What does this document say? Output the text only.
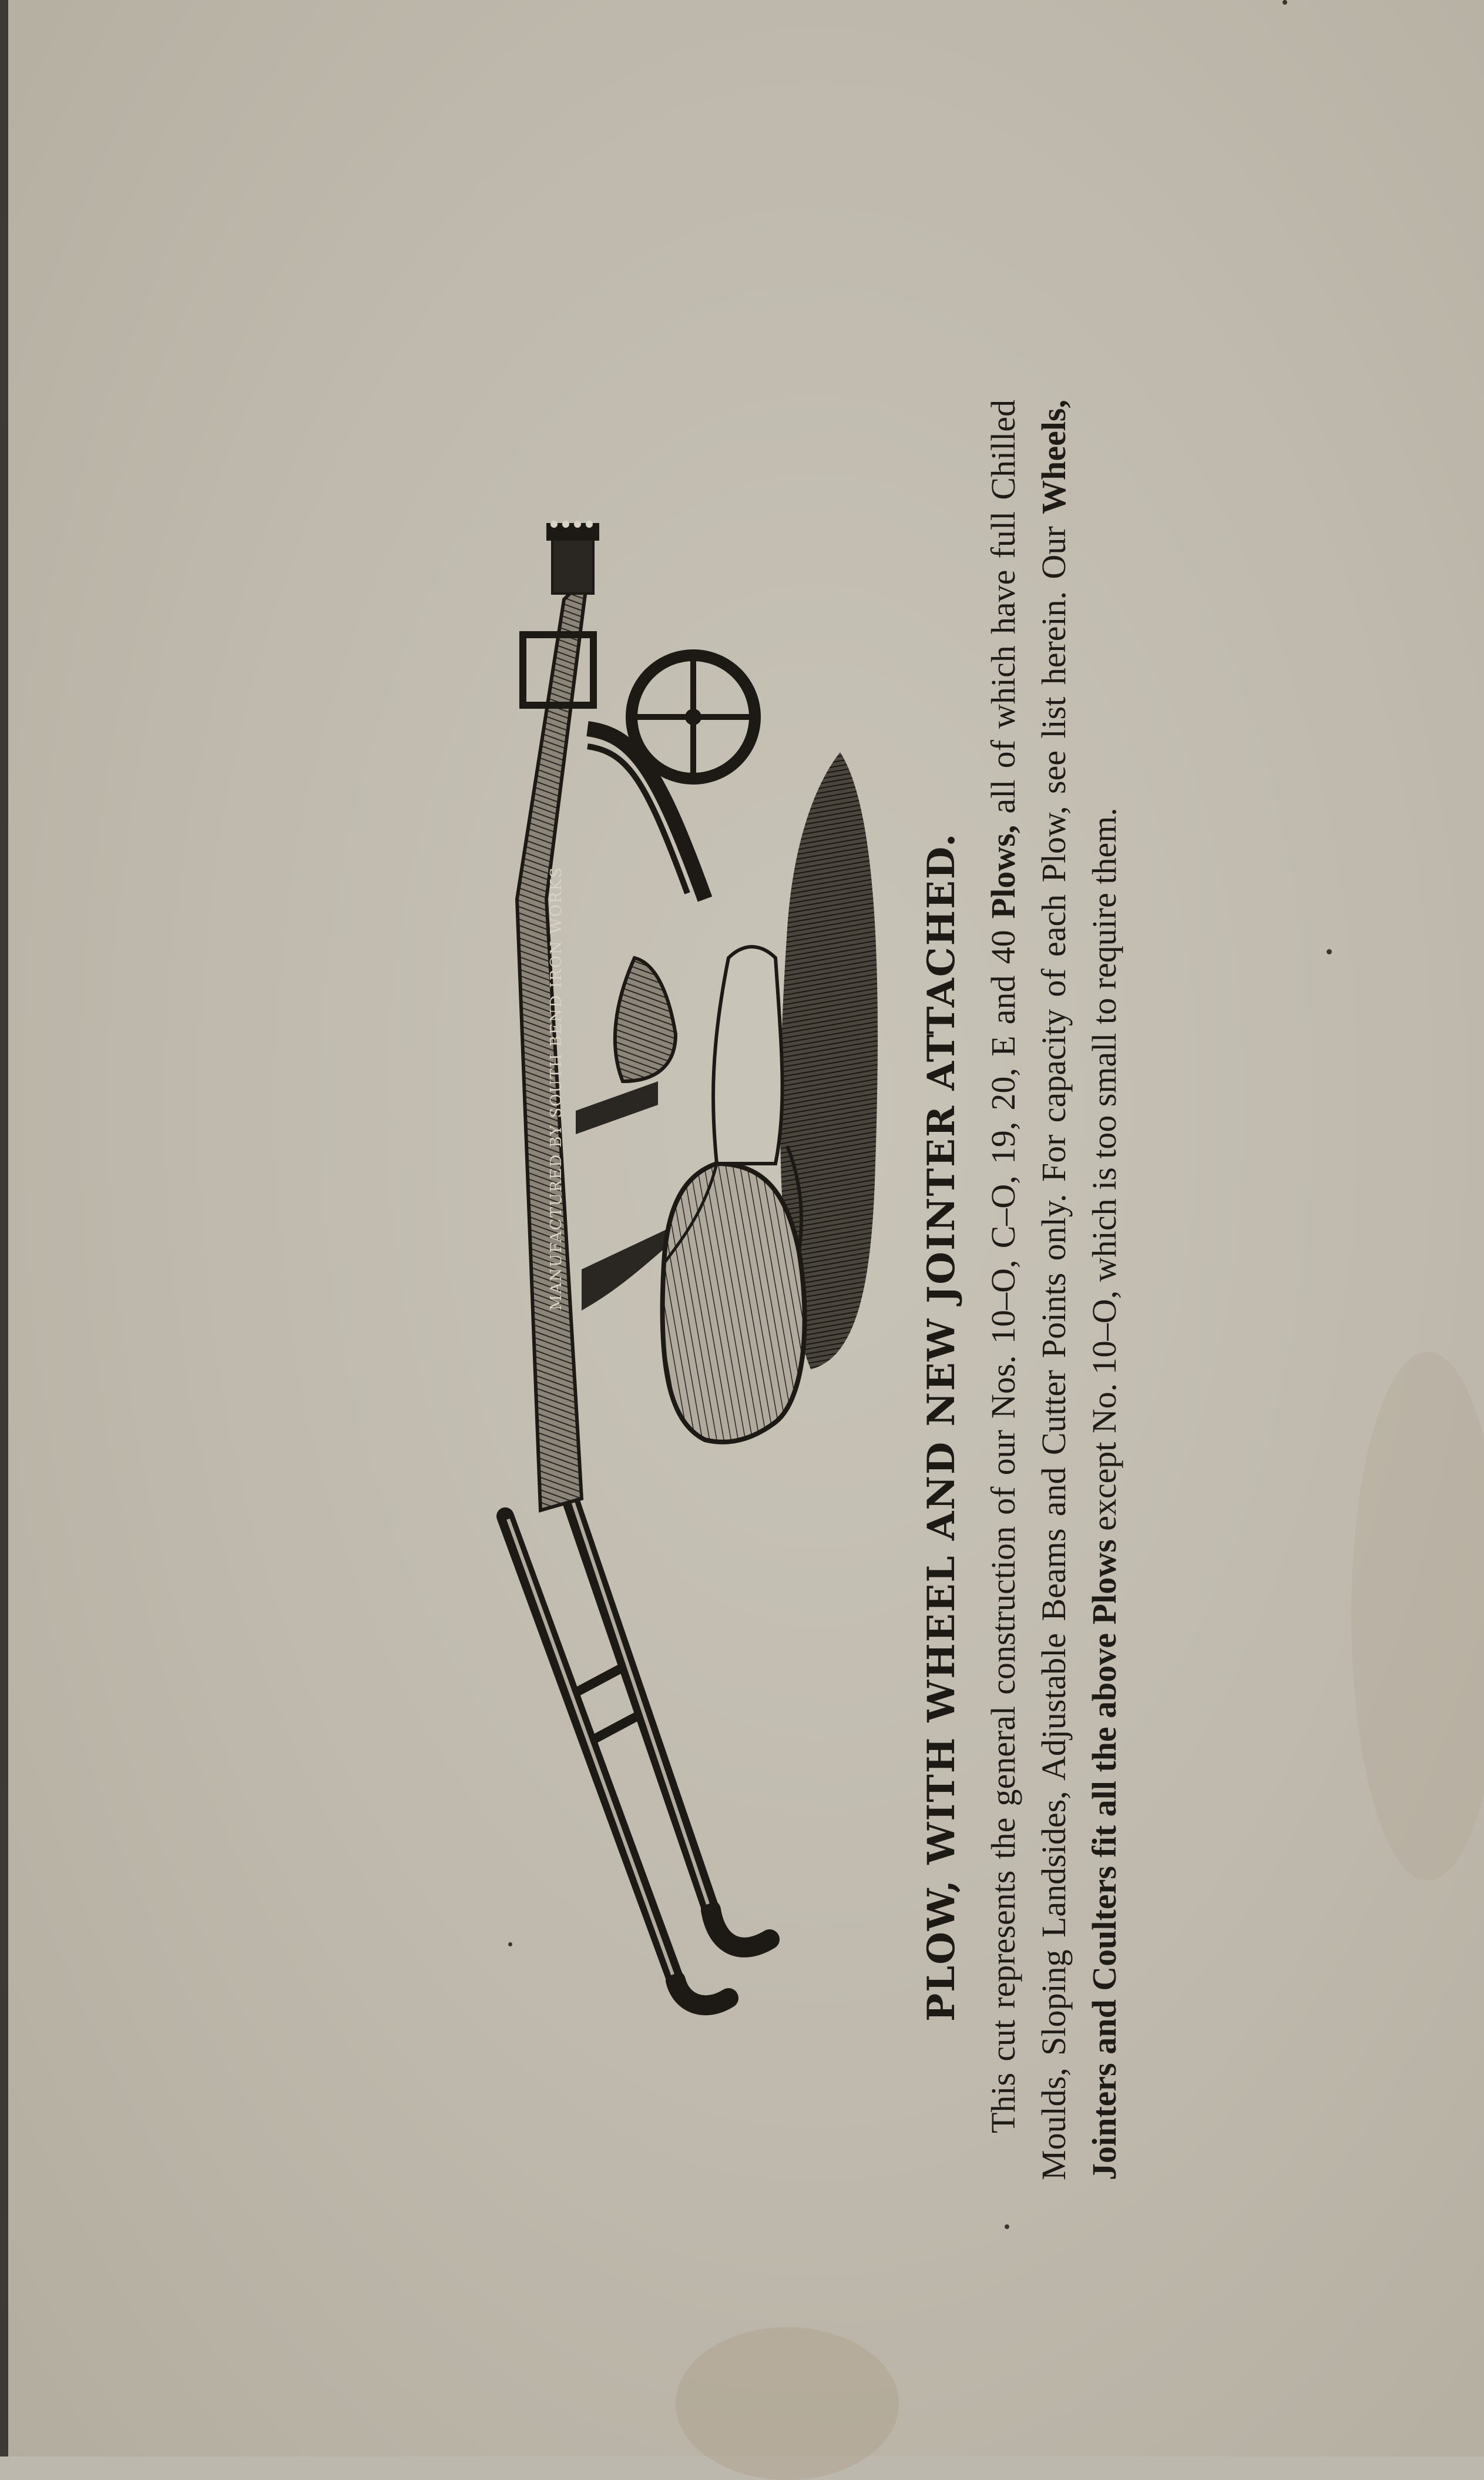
MANUFACTURED BY SOUTH BEND IRON WORKS	PLOW, WITH WHEEL AND NEW JOINTER ATTACHED. This cut represents the general construction of our Nos. 10–O, C–O, 19, 20, E and 40 Plows, all of which have full Chilled Moulds, Sloping Landsides, Adjustable Beams and Cutter Points only. For capacity of each Plow, see list herein. Our Wheels, Jointers and Coulters fit all the above Plows except No. 10–O, which is too small to require them.
